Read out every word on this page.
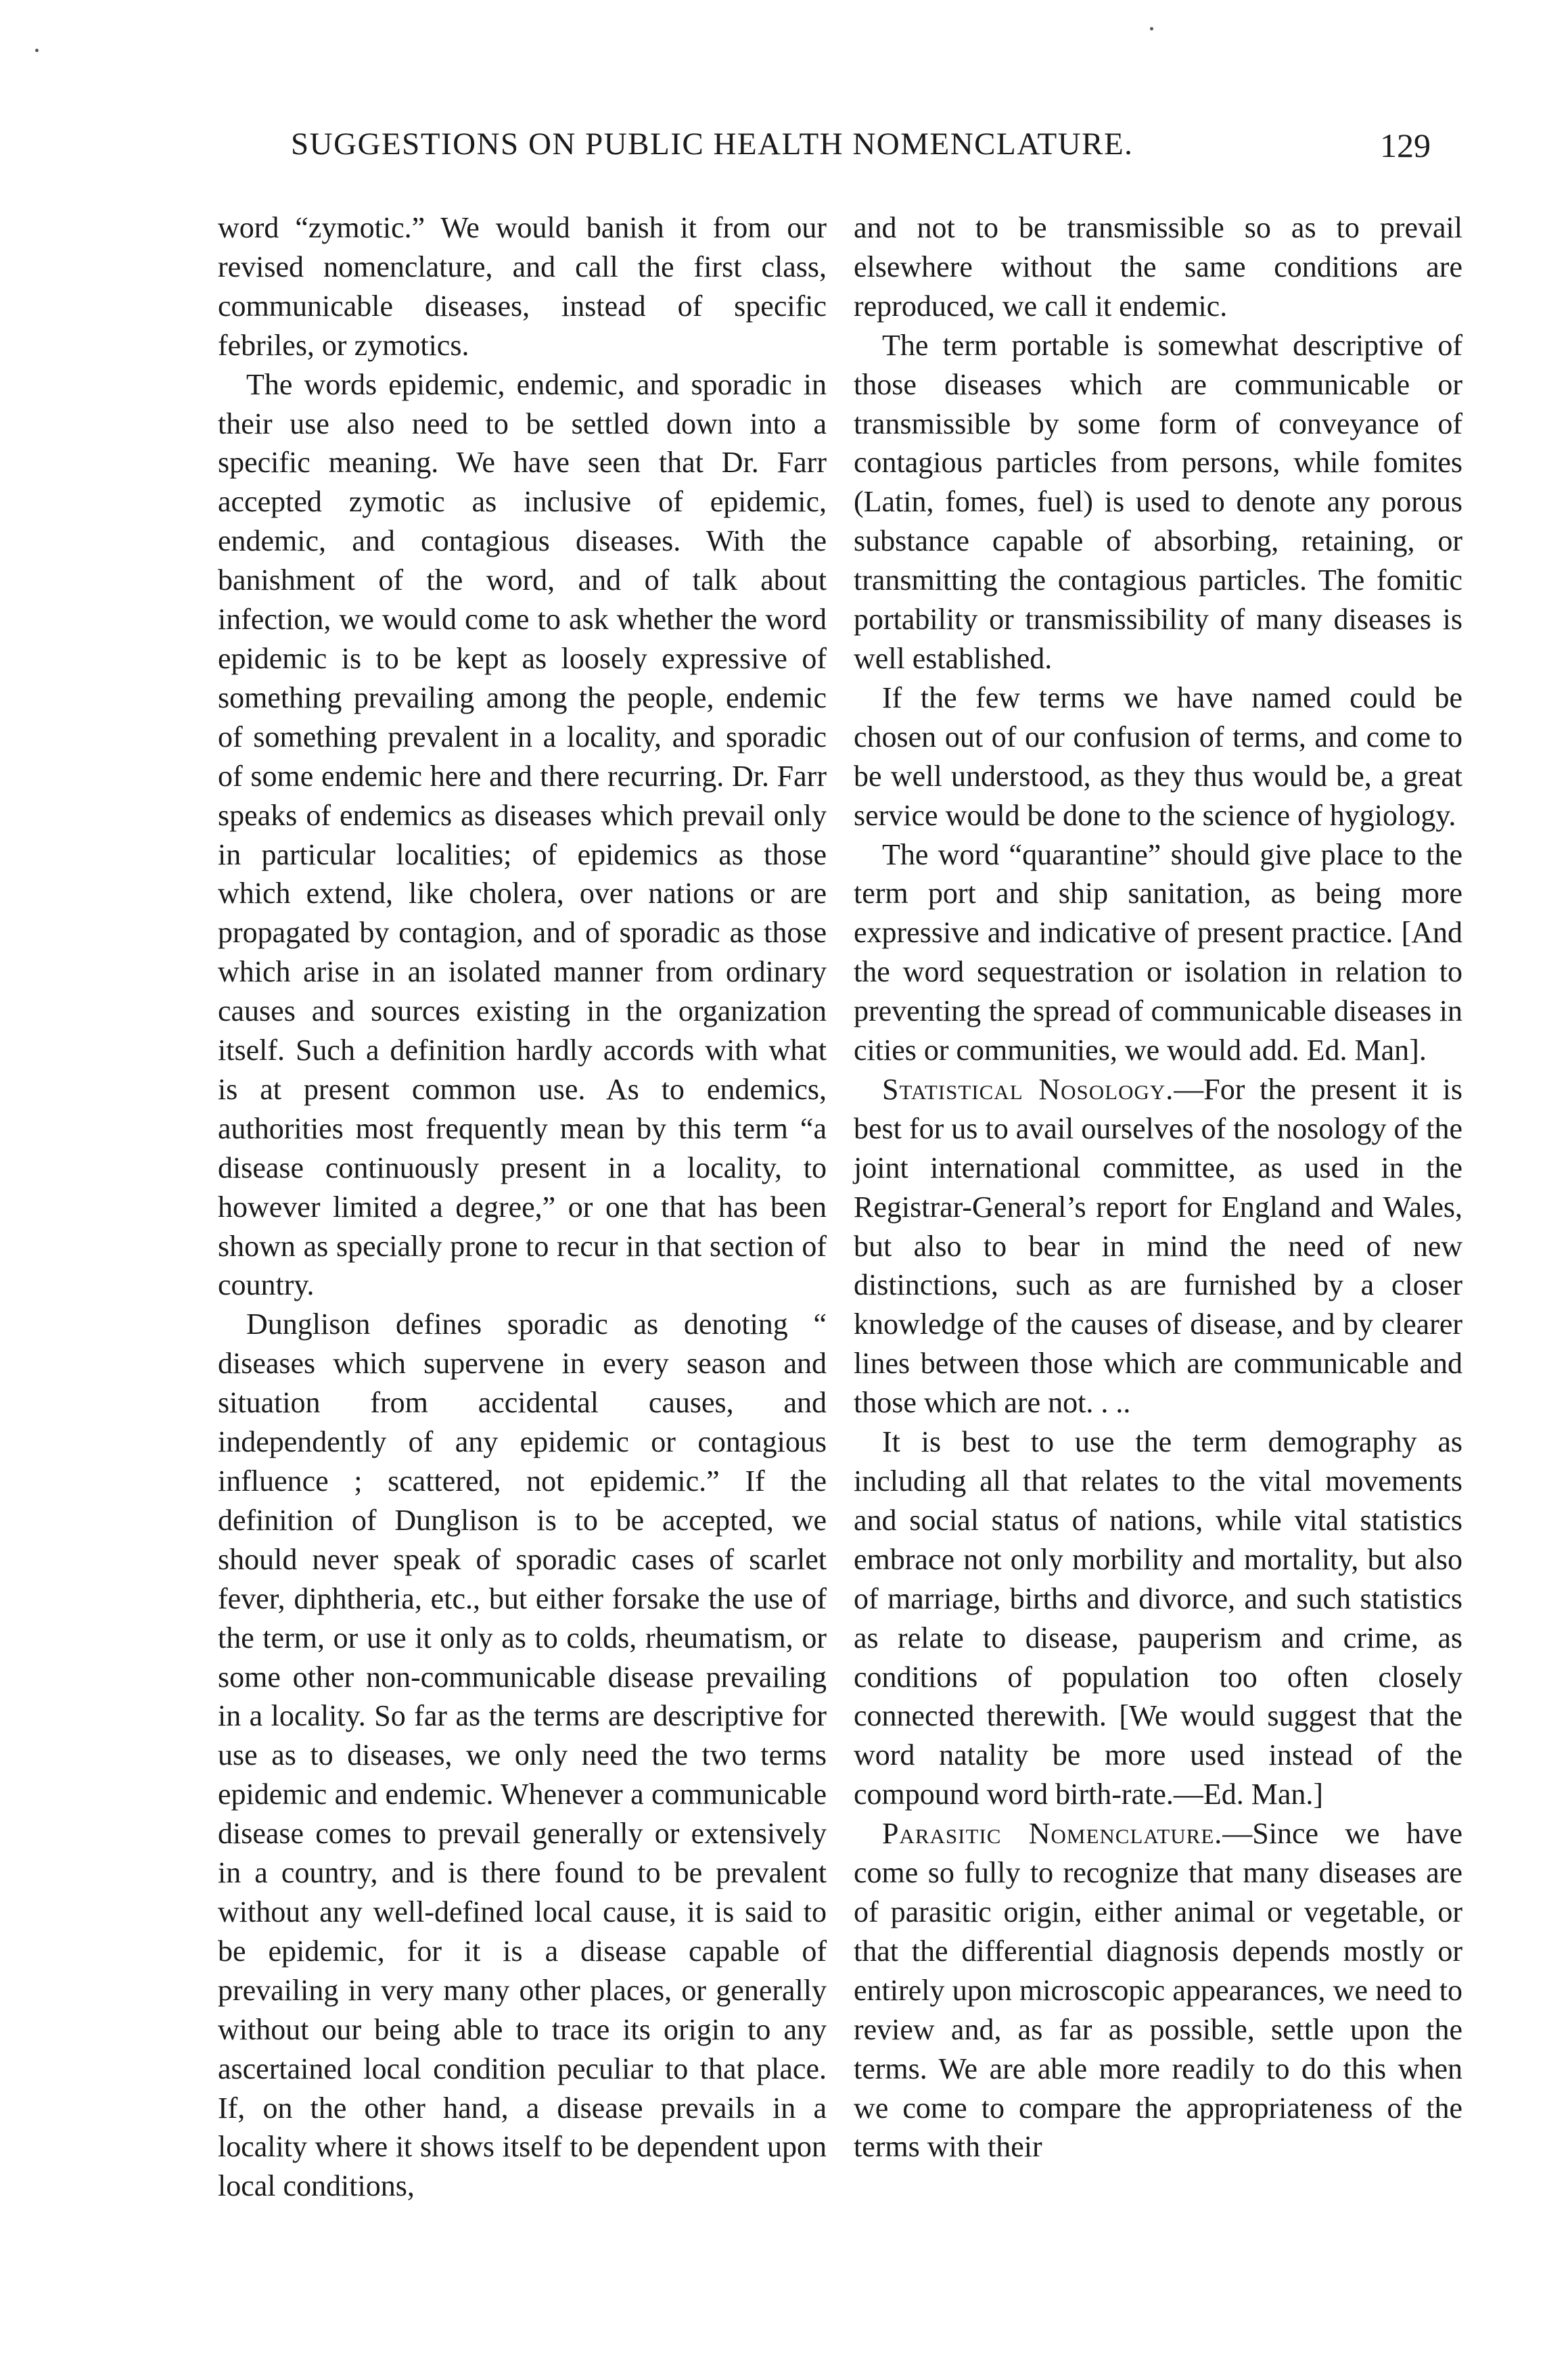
SUGGESTIONS ON PUBLIC HEALTH NOMENCLATURE.	129

word “zymotic.” We would banish it from our revised nomenclature, and call the first class, communicable diseases, instead of specific febriles, or zymotics.

The words epidemic, endemic, and sporadic in their use also need to be settled down into a specific meaning. We have seen that Dr. Farr accepted zymotic as inclusive of epidemic, endemic, and contagious diseases. With the banishment of the word, and of talk about infection, we would come to ask whether the word epidemic is to be kept as loosely expressive of something prevailing among the people, endemic of something prevalent in a locality, and sporadic of some endemic here and there recurring. Dr. Farr speaks of endemics as diseases which prevail only in particular localities; of epidemics as those which extend, like cholera, over nations or are propagated by contagion, and of sporadic as those which arise in an isolated manner from ordinary causes and sources existing in the organization itself. Such a definition hardly accords with what is at present common use. As to endemics, authorities most frequently mean by this term “a disease continuously present in a locality, to however limited a degree,” or one that has been shown as specially prone to recur in that section of country.

Dunglison defines sporadic as denoting “ diseases which supervene in every season and situation from accidental causes, and independently of any epidemic or contagious influence ; scattered, not epidemic.” If the definition of Dunglison is to be accepted, we should never speak of sporadic cases of scarlet fever, diphtheria, etc., but either forsake the use of the term, or use it only as to colds, rheumatism, or some other non-communicable disease prevailing in a locality. So far as the terms are descriptive for use as to diseases, we only need the two terms epidemic and endemic. Whenever a communicable disease comes to prevail generally or extensively in a country, and is there found to be prevalent without any well-defined local cause, it is said to be epidemic, for it is a disease capable of prevailing in very many other places, or generally without our being able to trace its origin to any ascertained local condition peculiar to that place. If, on the other hand, a disease prevails in a locality where it shows itself to be dependent upon local conditions,

and not to be transmissible so as to prevail elsewhere without the same conditions are reproduced, we call it endemic.

The term portable is somewhat descriptive of those diseases which are communicable or transmissible by some form of conveyance of contagious particles from persons, while fomites (Latin, fomes, fuel) is used to denote any porous substance capable of absorbing, retaining, or transmitting the contagious particles. The fomitic portability or transmissibility of many diseases is well established.

If the few terms we have named could be chosen out of our confusion of terms, and come to be well understood, as they thus would be, a great service would be done to the science of hygiology.

The word “quarantine” should give place to the term port and ship sanitation, as being more expressive and indicative of present practice. [And the word sequestration or isolation in relation to preventing the spread of communicable diseases in cities or communities, we would add. Ed. Man].

Statistical Nosology.—For the present it is best for us to avail ourselves of the nosology of the joint international committee, as used in the Registrar-General’s report for England and Wales, but also to bear in mind the need of new distinctions, such as are furnished by a closer knowledge of the causes of disease, and by clearer lines between those which are communicable and those which are not. . ..

It is best to use the term demography as including all that relates to the vital movements and social status of nations, while vital statistics embrace not only morbility and mortality, but also of marriage, births and divorce, and such statistics as relate to disease, pauperism and crime, as conditions of population too often closely connected therewith. [We would suggest that the word natality be more used instead of the compound word birth-rate.—Ed. Man.]

Parasitic Nomenclature.—Since we have come so fully to recognize that many diseases are of parasitic origin, either animal or vegetable, or that the differential diagnosis depends mostly or entirely upon microscopic appearances, we need to review and, as far as possible, settle upon the terms. We are able more readily to do this when we come to compare the appropriateness of the terms with their
